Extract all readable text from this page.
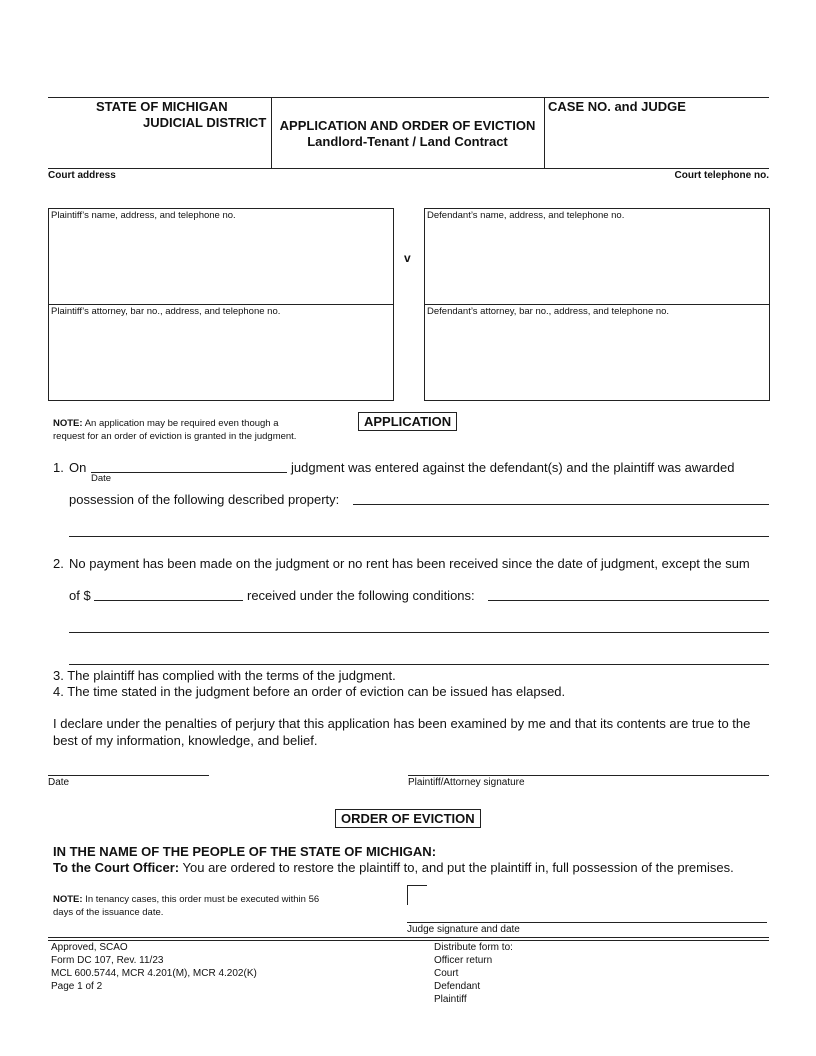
STATE OF MICHIGAN
JUDICIAL DISTRICT	APPLICATION AND ORDER OF EVICTION
Landlord-Tenant / Land Contract
CASE NO. and JUDGE
Court address	Court telephone no.
Plaintiff’s name, address, and telephone no.
Plaintiff’s attorney, bar no., address, and telephone no.
v
Defendant’s name, address, and telephone no.
Defendant’s attorney, bar no., address, and telephone no.
NOTE: An application may be required even though a
request for an order of eviction is granted in the judgment.
APPLICATION
1. On
Date
judgment was entered against the defendant(s) and the plaintiff was awarded
possession of the following described property:
2. No payment has been made on the judgment or no rent has been received since the date of judgment, except the sum
of $	received under the following conditions:
3. The plaintiff has complied with the terms of the judgment.
4. The time stated in the judgment before an order of eviction can be issued has elapsed.
I declare under the penalties of perjury that this application has been examined by me and that its contents are true to the
best of my information, knowledge, and belief.
Date	Plaintiff/Attorney signature
ORDER OF EVICTION
IN THE NAME OF THE PEOPLE OF THE STATE OF MICHIGAN:
To the Court Officer: You are ordered to restore the plaintiff to, and put the plaintiff in, full possession of the premises.
NOTE: In tenancy cases, this order must be executed within 56
days of the issuance date.
Judge signature and date
Approved, SCAO
Form DC 107, Rev. 11/23
MCL 600.5744, MCR 4.201(M), MCR 4.202(K)
Page 1 of 2
Distribute form to:
Officer return
Court
Defendant
Plaintiff
